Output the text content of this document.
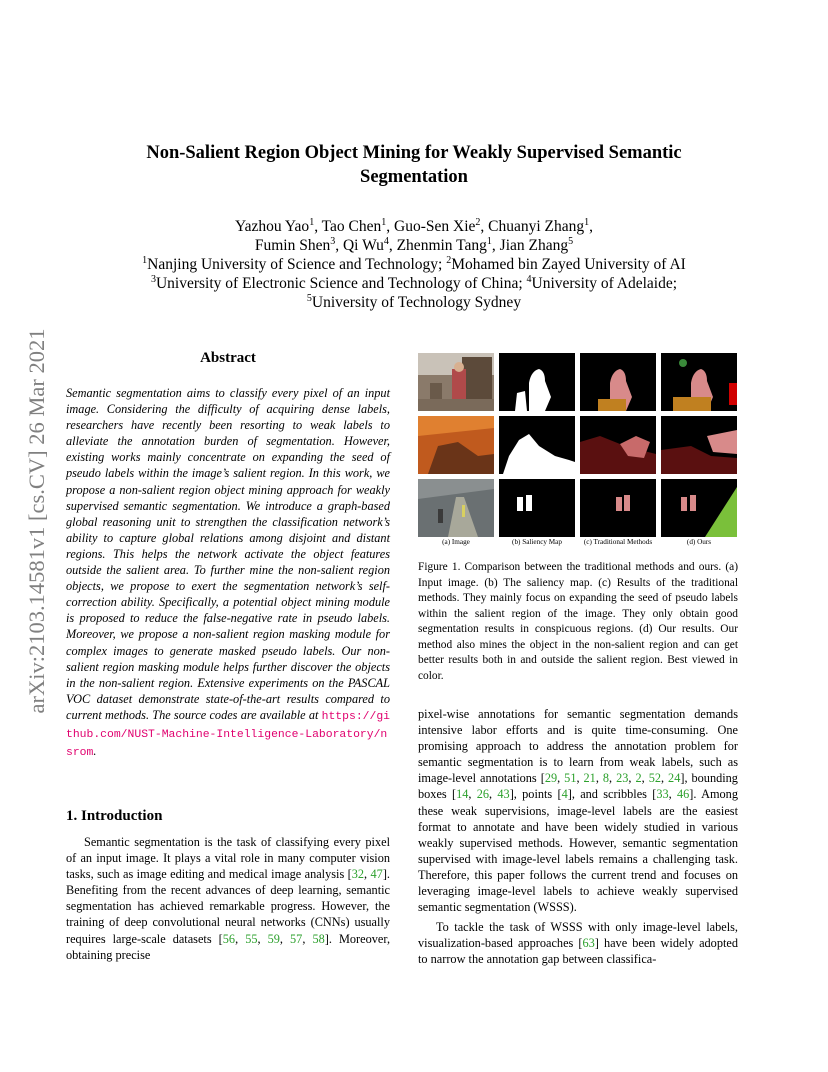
arXiv:2103.14581v1 [cs.CV] 26 Mar 2021
Non-Salient Region Object Mining for Weakly Supervised Semantic
Segmentation
Yazhou Yao$^1$, Tao Chen$^1$, Guo-Sen Xie$^2$, Chuanyi Zhang$^1$,
Fumin Shen$^3$, Qi Wu$^4$, Zhenmin Tang$^1$, Jian Zhang$^5$
$^1$Nanjing University of Science and Technology; $^2$Mohamed bin Zayed University of AI
$^3$University of Electronic Science and Technology of China; $^4$University of Adelaide;
$^5$University of Technology Sydney
Abstract
Semantic segmentation aims to classify every pixel of an input image. Considering the difficulty of acquiring dense labels, researchers have recently been resorting to weak labels to alleviate the annotation burden of segmentation. However, existing works mainly concentrate on expanding the seed of pseudo labels within the image’s salient region. In this work, we propose a non-salient region object mining approach for weakly supervised semantic segmentation. We introduce a graph-based global reasoning unit to strengthen the classification network’s ability to capture global relations among disjoint and distant regions. This helps the network activate the object features outside the salient area. To further mine the non-salient region objects, we propose to exert the segmentation network’s self-correction ability. Specifically, a potential object mining module is proposed to reduce the false-negative rate in pseudo labels. Moreover, we propose a non-salient region masking module for complex images to generate masked pseudo labels. Our non-salient region masking module helps further discover the objects in the non-salient region. Extensive experiments on the PASCAL VOC dataset demonstrate state-of-the-art results compared to current methods. The source codes are available at https://github.com/NUST-Machine-Intelligence-Laboratory/nsrom.
1. Introduction

Semantic segmentation is the task of classifying every pixel of an input image. It plays a vital role in many computer vision tasks, such as image editing and medical image analysis [32, 47]. Benefiting from the recent advances of deep learning, semantic segmentation has achieved remarkable progress. However, the training of deep convolutional neural networks (CNNs) usually requires large-scale datasets [56, 55, 59, 57, 58]. Moreover, obtaining precise

(a) Image	(b) Saliency Map	(c) Traditional Methods	(d) Ours
Figure 1. Comparison between the traditional methods and ours. (a) Input image. (b) The saliency map. (c) Results of the traditional methods. They mainly focus on expanding the seed of pseudo labels within the salient region of the image. They only obtain good segmentation results in conspicuous regions. (d) Our results. Our method also mines the object in the non-salient region and can get better results both in and outside the salient region. Best viewed in color.

pixel-wise annotations for semantic segmentation demands intensive labor efforts and is quite time-consuming. One promising approach to address the annotation problem for semantic segmentation is to learn from weak labels, such as image-level annotations [29, 51, 21, 8, 23, 2, 52, 24], bounding boxes [14, 26, 43], points [4], and scribbles [33, 46]. Among these weak supervisions, image-level labels are the easiest format to annotate and have been widely studied in various weakly supervised methods. However, semantic segmentation supervised with image-level labels remains a challenging task. Therefore, this paper follows the current trend and focuses on leveraging image-level labels to achieve weakly supervised semantic segmentation (WSSS).

To tackle the task of WSSS with only image-level labels, visualization-based approaches [63] have been widely adopted to narrow the annotation gap between classifica-
